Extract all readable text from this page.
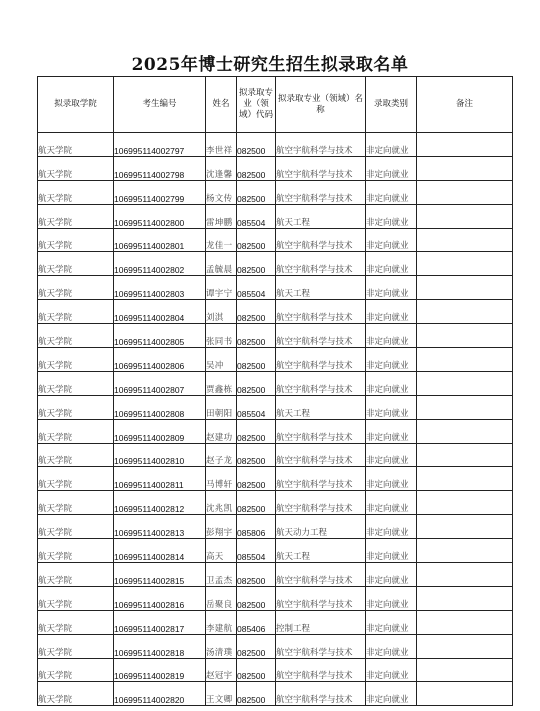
2025年博士研究生招生拟录取名单
拟录取学院	考生编号	姓名	拟录取专业（领域）代码	拟录取专业（领域）名称	录取类别	备注
航天学院	106995114002797	李世祥	082500	航空宇航科学与技术	非定向就业	
航天学院	106995114002798	沈逢馨	082500	航空宇航科学与技术	非定向就业	
航天学院	106995114002799	杨文传	082500	航空宇航科学与技术	非定向就业	
航天学院	106995114002800	雷坤鹏	085504	航天工程	非定向就业	
航天学院	106995114002801	龙佳一	082500	航空宇航科学与技术	非定向就业	
航天学院	106995114002802	孟毓晨	082500	航空宇航科学与技术	非定向就业	
航天学院	106995114002803	谭宇宁	085504	航天工程	非定向就业	
航天学院	106995114002804	刘淇	082500	航空宇航科学与技术	非定向就业	
航天学院	106995114002805	张同书	082500	航空宇航科学与技术	非定向就业	
航天学院	106995114002806	吴冲	082500	航空宇航科学与技术	非定向就业	
航天学院	106995114002807	贾鑫栋	082500	航空宇航科学与技术	非定向就业	
航天学院	106995114002808	田朝阳	085504	航天工程	非定向就业	
航天学院	106995114002809	赵建功	082500	航空宇航科学与技术	非定向就业	
航天学院	106995114002810	赵子龙	082500	航空宇航科学与技术	非定向就业	
航天学院	106995114002811	马博轩	082500	航空宇航科学与技术	非定向就业	
航天学院	106995114002812	沈兆凯	082500	航空宇航科学与技术	非定向就业	
航天学院	106995114002813	彭翔宇	085806	航天动力工程	非定向就业	
航天学院	106995114002814	高天	085504	航天工程	非定向就业	
航天学院	106995114002815	卫孟杰	082500	航空宇航科学与技术	非定向就业	
航天学院	106995114002816	岳聚良	082500	航空宇航科学与技术	非定向就业	
航天学院	106995114002817	李建航	085406	控制工程	非定向就业	
航天学院	106995114002818	汤清璞	082500	航空宇航科学与技术	非定向就业	
航天学院	106995114002819	赵冠宇	082500	航空宇航科学与技术	非定向就业	
航天学院	106995114002820	王文卿	082500	航空宇航科学与技术	非定向就业	
